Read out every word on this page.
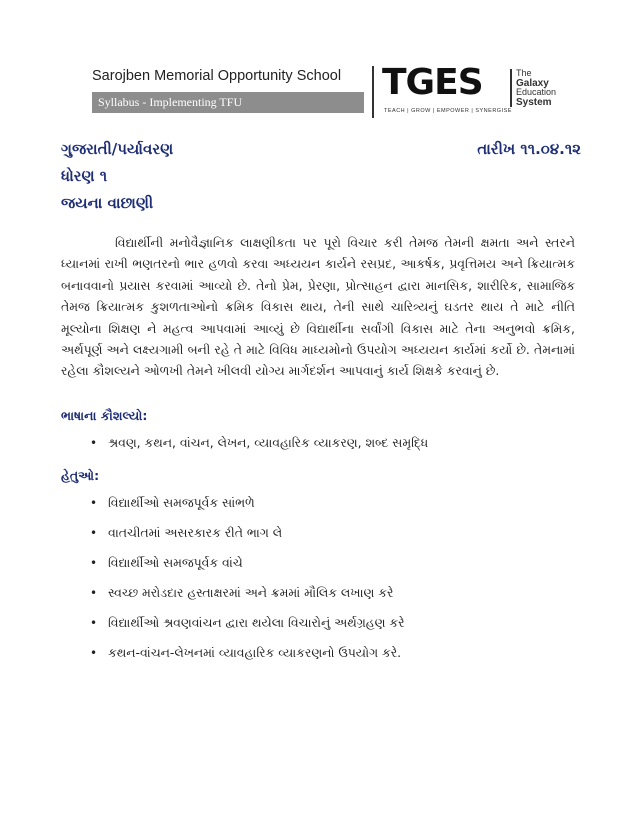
Sarojben Memorial Opportunity School
Syllabus - Implementing TFU	TGES
TEACH | GROW | EMPOWER | SYNERGISE
The
Galaxy
Education
System
ગુજરાતી/પર્યાવરણ	તારીખ ૧૧.૦૪.૧૨
ધોરણ ૧
જયના વાછાણી
વિદ્યાર્થીની મનોવૈજ્ઞાનિક લાક્ષણીકતા પર પૂરો વિચાર કરી તેમજ તેમની ક્ષમતા અને સ્તરને ધ્યાનમાં રાખી ભણતરનો ભાર હળવો કરવા અધ્યયન કાર્યને રસપ્રદ, આકર્ષક, પ્રવૃત્તિમય અને ક્રિયાત્મક બનાવવાનો પ્રયાસ કરવામાં આવ્યો છે. તેનો પ્રેમ, પ્રેરણા, પ્રોત્સાહન દ્વારા માનસિક, શારીરિક, સામાજિક તેમજ ક્રિયાત્મક કુશળતાઓનો ક્રમિક વિકાસ થાય, તેની સાથે ચારિત્ર્યનું ઘડતર થાય તે માટે નીતિ મૂલ્યોના શિક્ષણ ને મહત્વ આપવામાં આવ્યું છે વિદ્યાર્થીના સર્વાંગી વિકાસ માટે તેના અનુભવો ક્રમિક, અર્થપૂર્ણ અને લક્ષ્યગામી બની રહે તે માટે વિવિધ માધ્યમોનો ઉપયોગ અધ્યયન કાર્યમાં કર્યો છે. તેમનામાં રહેલા કૌશલ્યને ઓળખી તેમને ખીલવી યોગ્ય માર્ગદર્શન આપવાનું કાર્ય શિક્ષકે કરવાનું છે.
ભાષાના કૌશલ્યો:
• શ્રવણ, કથન, વાંચન, લેખન, વ્યાવહારિક વ્યાકરણ, શબ્દ સમૃદ્ધિ
હેતુઓ:
• વિદ્યાર્થીઓ સમજપૂર્વક સાંભળે
• વાતચીતમાં અસરકારક રીતે ભાગ લે
• વિદ્યાર્થીઓ સમજપૂર્વક વાંચે
• સ્વચ્છ મરોડદાર હસ્તાક્ષરમાં અને ક્રમમાં મૌલિક લખાણ કરે
• વિદ્યાર્થીઓ શ્રવણવાંચન દ્વારા થયેલા વિચારોનું અર્થગ્રહણ કરે
• કથન-વાંચન-લેખનમાં વ્યાવહારિક વ્યાકરણનો ઉપયોગ કરે.
